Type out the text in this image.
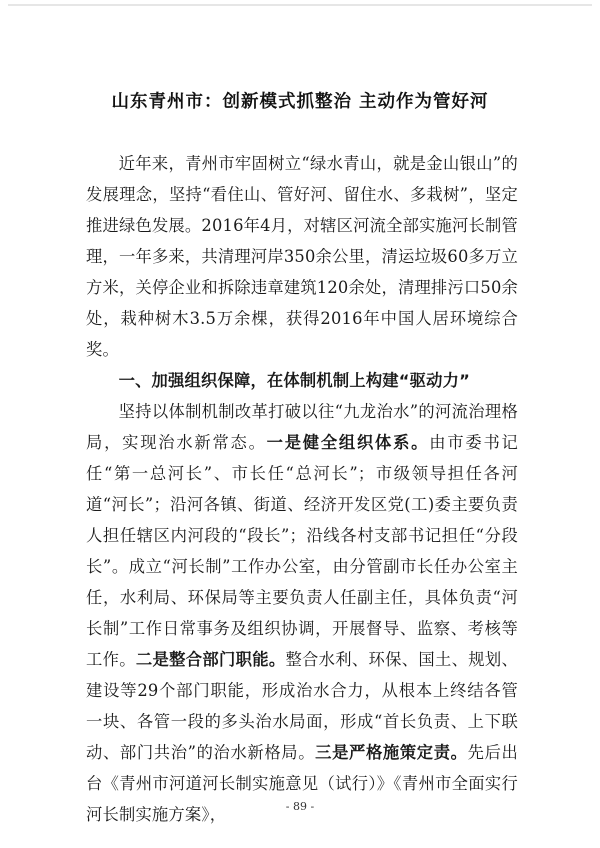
山东青州市：创新模式抓整治 主动作为管好河

近年来，青州市牢固树立“绿水青山，就是金山银山”的发展理念，坚持“看住山、管好河、留住水、多栽树”，坚定推进绿色发展。2016年4月，对辖区河流全部实施河长制管理，一年多来，共清理河岸350余公里，清运垃圾60多万立方米，关停企业和拆除违章建筑120余处，清理排污口50余处，栽种树木3.5万余棵，获得2016年中国人居环境综合奖。

一、加强组织保障，在体制机制上构建“驱动力”

坚持以体制机制改革打破以往“九龙治水”的河流治理格局，实现治水新常态。一是健全组织体系。由市委书记任“第一总河长”、市长任“总河长”；市级领导担任各河道“河长”；沿河各镇、街道、经济开发区党(工)委主要负责人担任辖区内河段的“段长”；沿线各村支部书记担任“分段长”。成立“河长制”工作办公室，由分管副市长任办公室主任，水利局、环保局等主要负责人任副主任，具体负责“河长制”工作日常事务及组织协调，开展督导、监察、考核等工作。二是整合部门职能。整合水利、环保、国土、规划、建设等29个部门职能，形成治水合力，从根本上终结各管一块、各管一段的多头治水局面，形成“首长负责、上下联动、部门共治”的治水新格局。三是严格施策定责。先后出台《青州市河道河长制实施意见（试行）》《青州市全面实行河长制实施方案》，	- 89 -
